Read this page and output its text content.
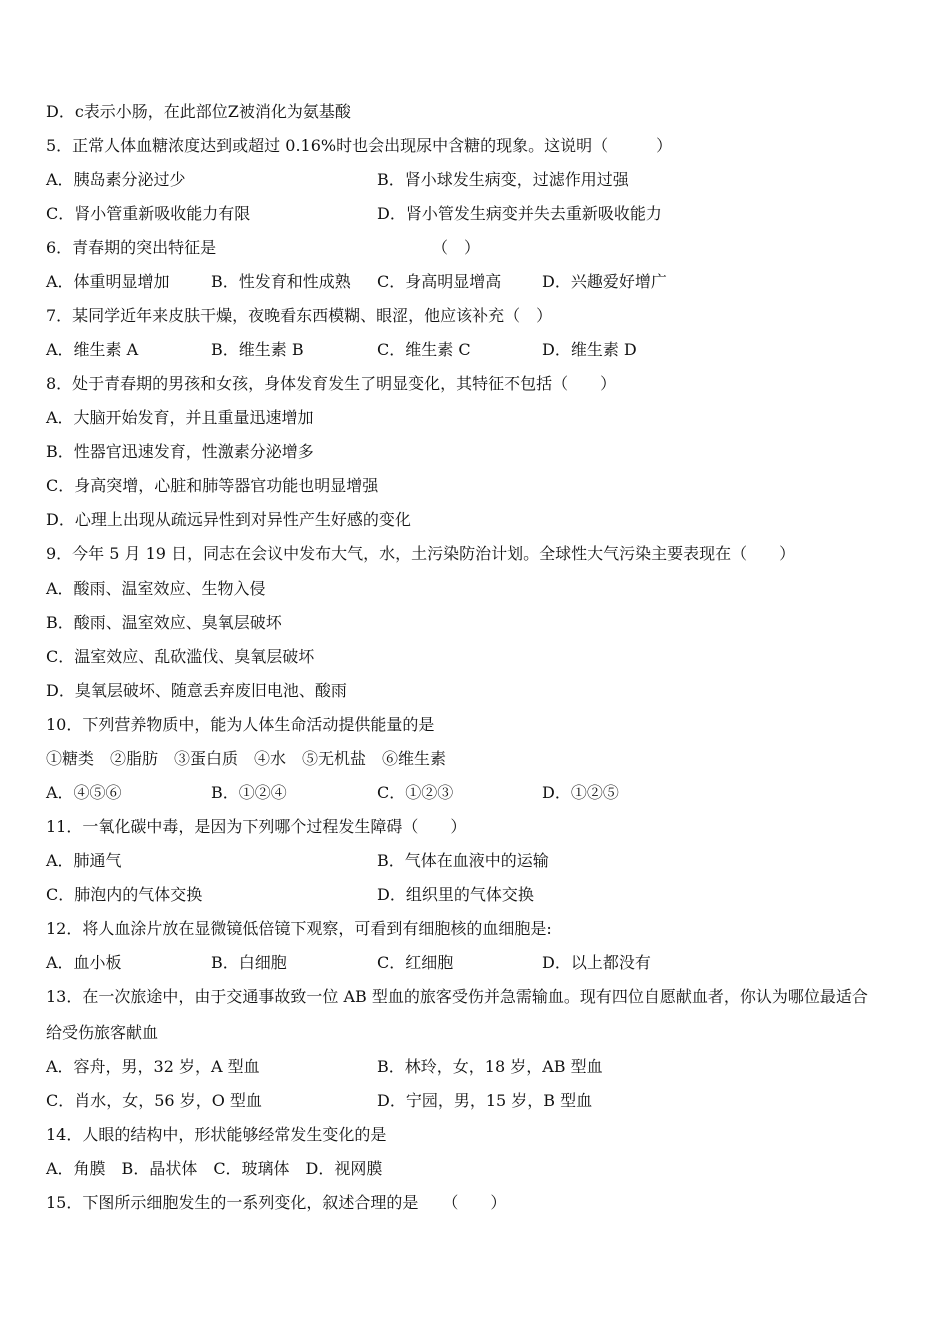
D．c表示小肠，在此部位Z被消化为氨基酸
5．正常人体血糖浓度达到或超过 0.16%时也会出现尿中含糖的现象。这说明（　　　）
A．胰岛素分泌过少	B．肾小球发生病变，过滤作用过强
C．肾小管重新吸收能力有限	D．肾小管发生病变并失去重新吸收能力
6．青春期的突出特征是	（　）
A．体重明显增加	B．性发育和性成熟 C．身高明显增高	D．兴趣爱好增广
7．某同学近年来皮肤干燥，夜晚看东西模糊、眼涩，他应该补充（　）
A．维生素 A	B．维生素 B	C．维生素 C	D．维生素 D
8．处于青春期的男孩和女孩，身体发育发生了明显变化，其特征不包括（　　）
A．大脑开始发育，并且重量迅速增加
B．性器官迅速发育，性激素分泌增多
C．身高突增，心脏和肺等器官功能也明显增强
D．心理上出现从疏远异性到对异性产生好感的变化
9．今年 5 月 19 日，同志在会议中发布大气，水，土污染防治计划。全球性大气污染主要表现在（　　）
A．酸雨、温室效应、生物入侵
B．酸雨、温室效应、臭氧层破坏
C．温室效应、乱砍滥伐、臭氧层破坏
D．臭氧层破坏、随意丢弃废旧电池、酸雨
10．下列营养物质中，能为人体生命活动提供能量的是
①糖类　②脂肪　③蛋白质　④水　⑤无机盐　⑥维生素
A．④⑤⑥	B．①②④	C．①②③	D．①②⑤
11．一氧化碳中毒，是因为下列哪个过程发生障碍（　　）
A．肺通气	B．气体在血液中的运输
C．肺泡内的气体交换	D．组织里的气体交换
12．将人血涂片放在显微镜低倍镜下观察，可看到有细胞核的血细胞是:
A．血小板	B．白细胞	C．红细胞	D．以上都没有
13．在一次旅途中，由于交通事故致一位 AB 型血的旅客受伤并急需输血。现有四位自愿献血者，你认为哪位最适合
给受伤旅客献血
A．容舟，男，32 岁，A 型血	B．林玲，女，18 岁，AB 型血
C．肖水，女，56 岁，O 型血	D．宁园，男，15 岁，B 型血
14．人眼的结构中，形状能够经常发生变化的是
A．角膜　B．晶状体　C．玻璃体　D．视网膜
15．下图所示细胞发生的一系列变化，叙述合理的是　　（　　）
